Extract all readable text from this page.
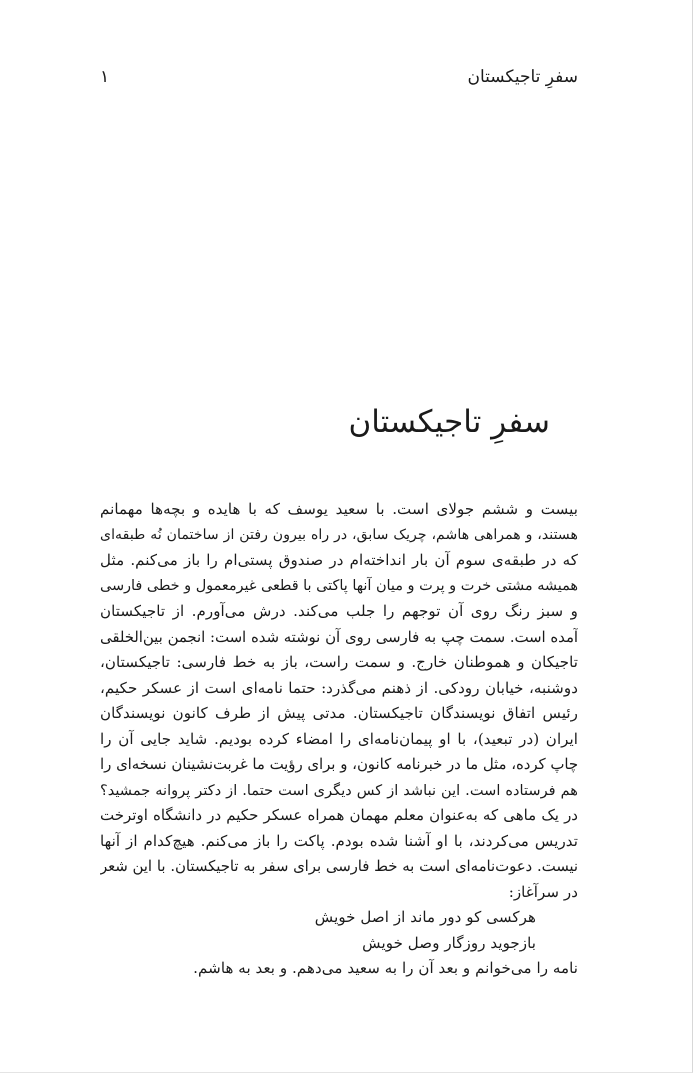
سفرِ تاجیکستان
۱
سفرِ تاجیکستان
بیست و ششم جولای است. با سعید یوسف که با هایده و بچه‌ها مهمانم
هستند، و همراهی هاشم، چریک سابق، در راه بیرون رفتن از ساختمان نُه طبقه‌ای
که در طبقه‌ی سوم آن بار انداخته‌ام در صندوق پستی‌ام را باز می‌کنم. مثل
همیشه مشتی خرت و پرت و میان آنها پاکتی با قطعی غیرمعمول و خطی فارسی
و سبز رنگ روی آن توجهم را جلب می‌کند. درش می‌آورم. از تاجیکستان
آمده است. سمت چپ به فارسی روی آن نوشته شده است: انجمن بین‌الخلقی
تاجیکان و هموطنان خارج. و سمت راست، باز به خط فارسی: تاجیکستان،
دوشنبه، خیابان رودکی. از ذهنم می‌گذرد: حتما نامه‌ای است از عسکر حکیم،
رئیس اتفاق نویسندگان تاجیکستان. مدتی پیش از طرف کانون نویسندگان
ایران (در تبعید)، با او پیمان‌نامه‌ای را امضاء کرده بودیم. شاید جایی آن را
چاپ کرده، مثل ما در خبرنامه کانون، و برای رؤیت ما غربت‌نشینان نسخه‌ای را
هم فرستاده است. این نباشد از کس دیگری است حتما. از دکتر پروانه جمشید؟
در یک ماهی که به‌عنوان معلم مهمان همراه عسکر حکیم در دانشگاه اوترخت
تدریس می‌کردند، با او آشنا شده بودم. پاکت را باز می‌کنم. هیچ‌کدام از آنها
نیست. دعوت‌نامه‌ای است به خط فارسی برای سفر به تاجیکستان. با این شعر
در سرآغاز:
هرکسی کو دور ماند از اصل خویش
بازجوید روزگار وصل خویش
نامه را می‌خوانم و بعد آن را به سعید می‌دهم. و بعد به هاشم.
